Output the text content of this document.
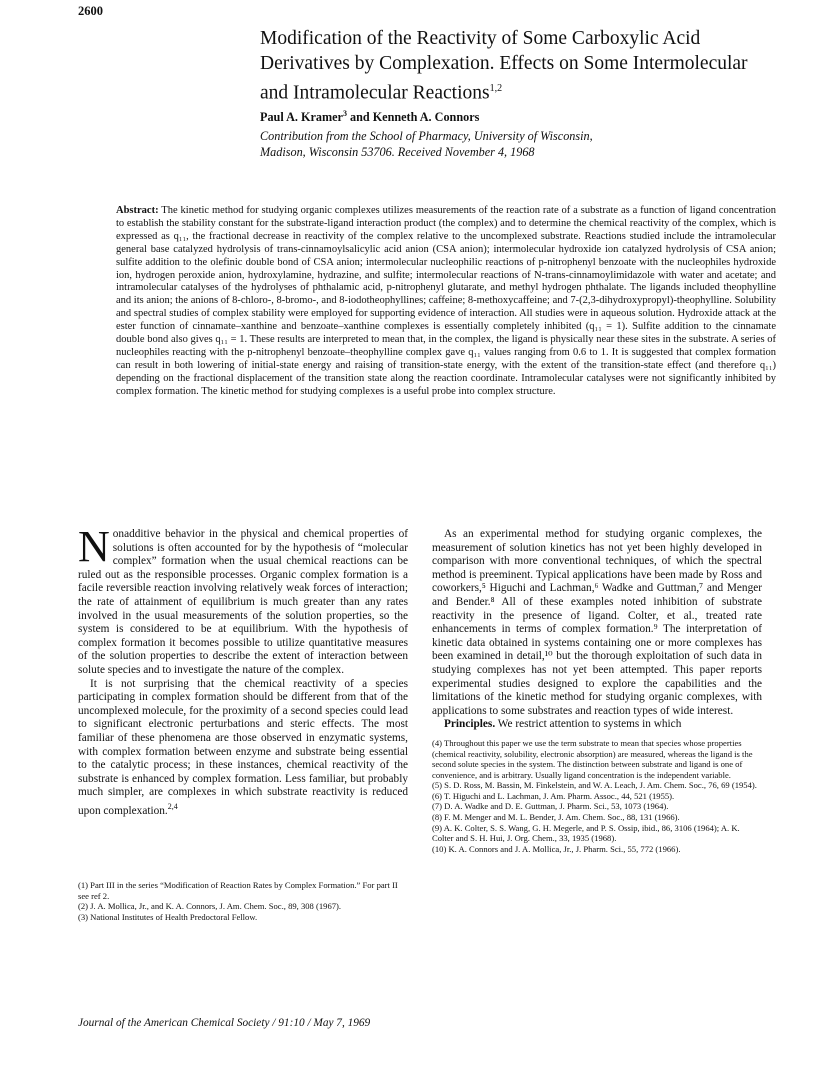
2600
Modification of the Reactivity of Some Carboxylic Acid Derivatives by Complexation. Effects on Some Intermolecular and Intramolecular Reactions$^{1,2}$
Paul A. Kramer$^3$ and Kenneth A. Connors
Contribution from the School of Pharmacy, University of Wisconsin,
Madison, Wisconsin 53706. Received November 4, 1968
Abstract: The kinetic method for studying organic complexes utilizes measurements of the reaction rate of a substrate as a function of ligand concentration to establish the stability constant for the substrate-ligand interaction product (the complex) and to determine the chemical reactivity of the complex, which is expressed as q₁₁, the fractional decrease in reactivity of the complex relative to the uncomplexed substrate. Reactions studied include the intramolecular general base catalyzed hydrolysis of trans-cinnamoylsalicylic acid anion (CSA anion); intermolecular hydroxide ion catalyzed hydrolysis of CSA anion; sulfite addition to the olefinic double bond of CSA anion; intermolecular nucleophilic reactions of p-nitrophenyl benzoate with the nucleophiles hydroxide ion, hydrogen peroxide anion, hydroxylamine, hydrazine, and sulfite; intermolecular reactions of N-trans-cinnamoylimidazole with water and acetate; and intramolecular catalyses of the hydrolyses of phthalamic acid, p-nitrophenyl glutarate, and methyl hydrogen phthalate. The ligands included theophylline and its anion; the anions of 8-chloro-, 8-bromo-, and 8-iodotheophyllines; caffeine; 8-methoxycaffeine; and 7-(2,3-dihydroxypropyl)-theophylline. Solubility and spectral studies of complex stability were employed for supporting evidence of interaction. All studies were in aqueous solution. Hydroxide attack at the ester function of cinnamate–xanthine and benzoate–xanthine complexes is essentially completely inhibited (q₁₁ = 1). Sulfite addition to the cinnamate double bond also gives q₁₁ = 1. These results are interpreted to mean that, in the complex, the ligand is physically near these sites in the substrate. A series of nucleophiles reacting with the p-nitrophenyl benzoate–theophylline complex gave q₁₁ values ranging from 0.6 to 1. It is suggested that complex formation can result in both lowering of initial-state energy and raising of transition-state energy, with the extent of the transition-state effect (and therefore q₁₁) depending on the fractional displacement of the transition state along the reaction coordinate. Intramolecular catalyses were not significantly inhibited by complex formation. The kinetic method for studying complexes is a useful probe into complex structure.

Nonadditive behavior in the physical and chemical properties of solutions is often accounted for by the hypothesis of “molecular complex” formation when the usual chemical reactions can be ruled out as the responsible processes. Organic complex formation is a facile reversible reaction involving relatively weak forces of interaction; the rate of attainment of equilibrium is much greater than any rates involved in the usual measurements of the solution properties, so the system is considered to be at equilibrium. With the hypothesis of complex formation it becomes possible to utilize quantitative measures of the solution properties to describe the extent of interaction between solute species and to investigate the nature of the complex.

It is not surprising that the chemical reactivity of a species participating in complex formation should be different from that of the uncomplexed molecule, for the proximity of a second species could lead to significant electronic perturbations and steric effects. The most familiar of these phenomena are those observed in enzymatic systems, with complex formation between enzyme and substrate being essential to the catalytic process; in these instances, chemical reactivity of the substrate is enhanced by complex formation. Less familiar, but probably much simpler, are complexes in which substrate reactivity is reduced upon complexation.$^{2,4}$

(1) Part III in the series “Modification of Reaction Rates by Complex Formation.” For part II see ref 2.

(2) J. A. Mollica, Jr., and K. A. Connors, J. Am. Chem. Soc., 89, 308 (1967).

(3) National Institutes of Health Predoctoral Fellow.

As an experimental method for studying organic complexes, the measurement of solution kinetics has not yet been highly developed in comparison with more conventional techniques, of which the spectral method is preeminent. Typical applications have been made by Ross and coworkers,⁵ Higuchi and Lachman,⁶ Wadke and Guttman,⁷ and Menger and Bender.⁸ All of these examples noted inhibition of substrate reactivity in the presence of ligand. Colter, et al., treated rate enhancements in terms of complex formation.⁹ The interpretation of kinetic data obtained in systems containing one or more complexes has been examined in detail,¹⁰ but the thorough exploitation of such data in studying complexes has not yet been attempted. This paper reports experimental studies designed to explore the capabilities and the limitations of the kinetic method for studying organic complexes, with applications to some substrates and reaction types of wide interest.

Principles. We restrict attention to systems in which

(4) Throughout this paper we use the term substrate to mean that species whose properties (chemical reactivity, solubility, electronic absorption) are measured, whereas the ligand is the second solute species in the system. The distinction between substrate and ligand is one of convenience, and is arbitrary. Usually ligand concentration is the independent variable.

(5) S. D. Ross, M. Bassin, M. Finkelstein, and W. A. Leach, J. Am. Chem. Soc., 76, 69 (1954).

(6) T. Higuchi and L. Lachman, J. Am. Pharm. Assoc., 44, 521 (1955).

(7) D. A. Wadke and D. E. Guttman, J. Pharm. Sci., 53, 1073 (1964).

(8) F. M. Menger and M. L. Bender, J. Am. Chem. Soc., 88, 131 (1966).

(9) A. K. Colter, S. S. Wang, G. H. Megerle, and P. S. Ossip, ibid., 86, 3106 (1964); A. K. Colter and S. H. Hui, J. Org. Chem., 33, 1935 (1968).

(10) K. A. Connors and J. A. Mollica, Jr., J. Pharm. Sci., 55, 772 (1966).

Journal of the American Chemical Society / 91:10 / May 7, 1969
